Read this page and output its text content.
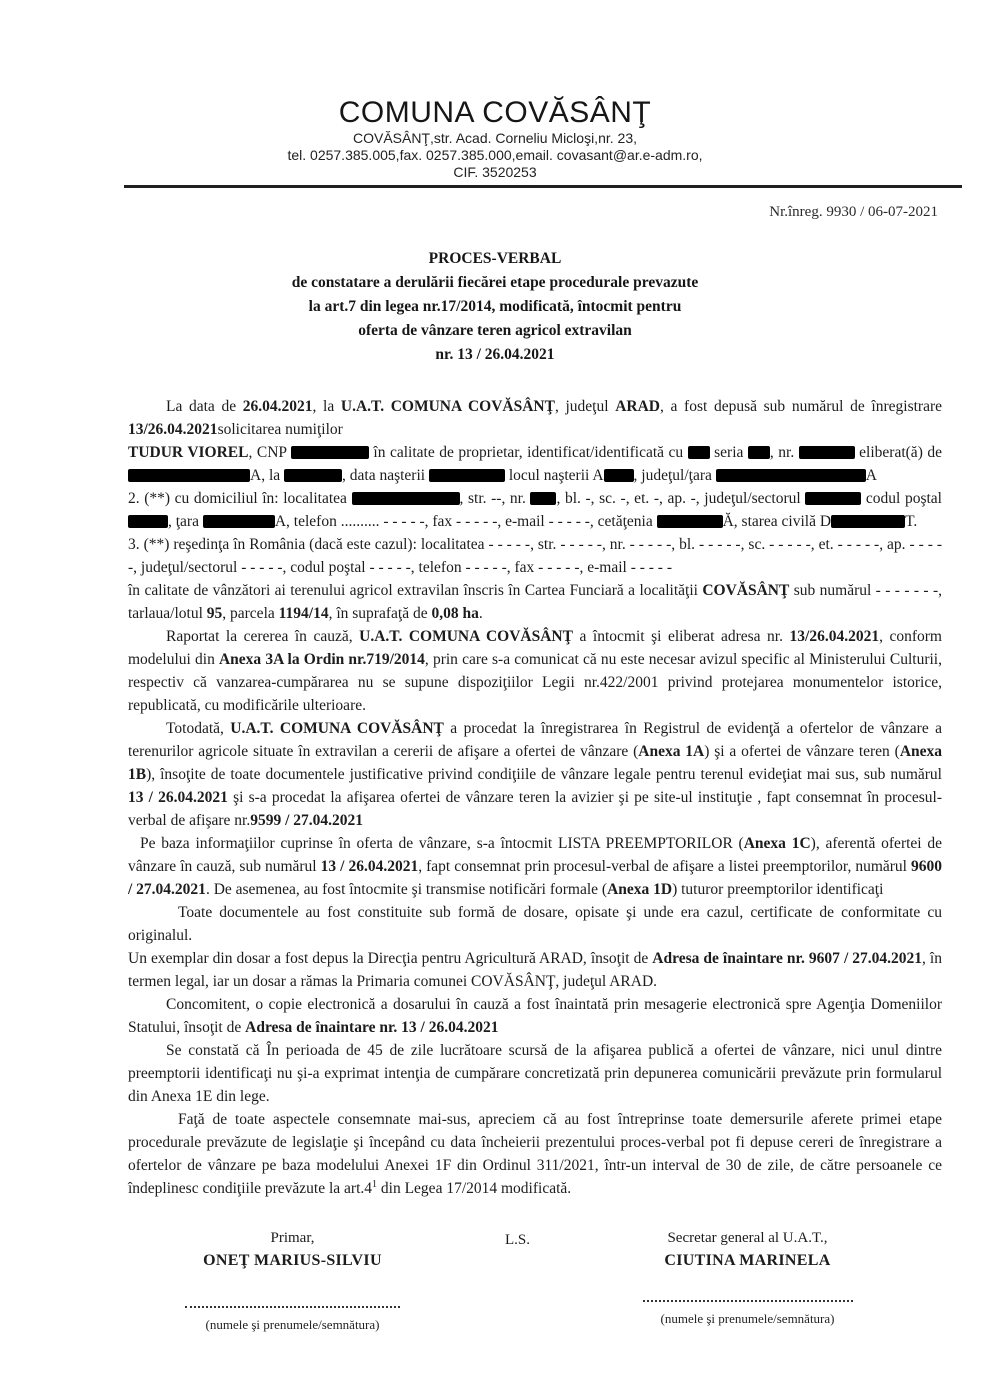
COMUNA COVĂSÂNŢ
COVĂSÂNŢ,str. Acad. Corneliu Micloşi,nr. 23,
tel. 0257.385.005,fax. 0257.385.000,email. covasant@ar.e-adm.ro,
CIF. 3520253
Nr.înreg. 9930 / 06-07-2021
PROCES-VERBAL
de constatare a derulării fiecărei etape procedurale prevazute
la art.7 din legea nr.17/2014, modificată, întocmit pentru
oferta de vânzare teren agricol extravilan
nr. 13 / 26.04.2021

La data de 26.04.2021, la U.A.T. COMUNA COVĂSÂNŢ, judeţul ARAD, a fost depusă sub numărul de înregistrare 13/26.04.2021solicitarea numiţilor

TUDUR VIOREL, CNP	în calitate de proprietar, identificat/identificată cu  seria , nr.	eliberat(ă) de A, la	, data naşterii	locul naşterii A , judeţul/ţara	A

2. (**) cu domiciliul în: localitatea	, str. --, nr. , bl. -, sc. -, et. -, ap. -, judeţul/sectorul	codul poştal , ţara	A, telefon .......... - - - - -, fax - - - - -, e-mail - - - - -, cetăţenia	Ă, starea civilă D	T.

3. (**) reşedinţa în România (dacă este cazul): localitatea - - - - -, str. - - - - -, nr. - - - - -, bl. - - - - -, sc. - - - - -, et. - - - - -, ap. - - - - -, judeţul/sectorul - - - - -, codul poştal - - - - -, telefon - - - - -, fax - - - - -, e-mail - - - - -

în calitate de vânzători ai terenului agricol extravilan înscris în Cartea Funciară a localităţii COVĂSÂNŢ sub numărul - - - - - - -, tarlaua/lotul 95, parcela 1194/14, în suprafaţă de 0,08 ha.

Raportat la cererea în cauză, U.A.T. COMUNA COVĂSÂNŢ a întocmit şi eliberat adresa nr. 13/26.04.2021, conform modelului din Anexa 3A la Ordin nr.719/2014, prin care s-a comunicat că nu este necesar avizul specific al Ministerului Culturii, respectiv că vanzarea-cumpărarea nu se supune dispoziţiilor Legii nr.422/2001 privind protejarea monumentelor istorice, republicată, cu modificările ulterioare.

Totodată, U.A.T. COMUNA COVĂSÂNŢ a procedat la înregistrarea în Registrul de evidenţă a ofertelor de vânzare a terenurilor agricole situate în extravilan a cererii de afişare a ofertei de vânzare (Anexa 1A) şi a ofertei de vânzare teren (Anexa 1B), însoţite de toate documentele justificative privind condiţiile de vânzare legale pentru terenul evideţiat mai sus, sub numărul 13 / 26.04.2021 şi s-a procedat la afişarea ofertei de vânzare teren la avizier şi pe site-ul instituţie , fapt consemnat în procesul-verbal de afişare nr.9599 / 27.04.2021

Pe baza informaţiilor cuprinse în oferta de vânzare, s-a întocmit LISTA PREEMPTORILOR (Anexa 1C), aferentă ofertei de vânzare în cauză, sub numărul 13 / 26.04.2021, fapt consemnat prin procesul-verbal de afişare a listei preemptorilor, numărul 9600 / 27.04.2021. De asemenea, au fost întocmite şi transmise notificări formale (Anexa 1D) tuturor preemptorilor identificaţi

Toate documentele au fost constituite sub formă de dosare, opisate şi unde era cazul, certificate de conformitate cu originalul.

Un exemplar din dosar a fost depus la Direcţia pentru Agricultură ARAD, însoţit de Adresa de înaintare nr. 9607 / 27.04.2021, în termen legal, iar un dosar a rămas la Primaria comunei COVĂSÂNŢ, judeţul ARAD.

Concomitent, o copie electronică a dosarului în cauză a fost înaintată prin mesagerie electronică spre Agenţia Domeniilor Statului, însoţit de Adresa de înaintare nr. 13 / 26.04.2021

Se constată că În perioada de 45 de zile lucrătoare scursă de la afişarea publică a ofertei de vânzare, nici unul dintre preemptorii identificaţi nu şi-a exprimat intenţia de cumpărare concretizată prin depunerea comunicării prevăzute prin formularul din Anexa 1E din lege.

Faţă de toate aspectele consemnate mai-sus, apreciem că au fost întreprinse toate demersurile aferete primei etape procedurale prevăzute de legislaţie şi începând cu data încheierii prezentului proces-verbal pot fi depuse cereri de înregistrare a ofertelor de vânzare pe baza modelului Anexei 1F din Ordinul 311/2021, într-un interval de 30 de zile, de către persoanele ce îndeplinesc condiţiile prevăzute la $art.4^1$ din Legea 17/2014 modificată.

Primar,
ONEŢ MARIUS-SILVIU
(numele şi prenumele/semnătura)
L.S.	Secretar general al U.A.T.,
CIUTINA MARINELA
(numele şi prenumele/semnătura)
